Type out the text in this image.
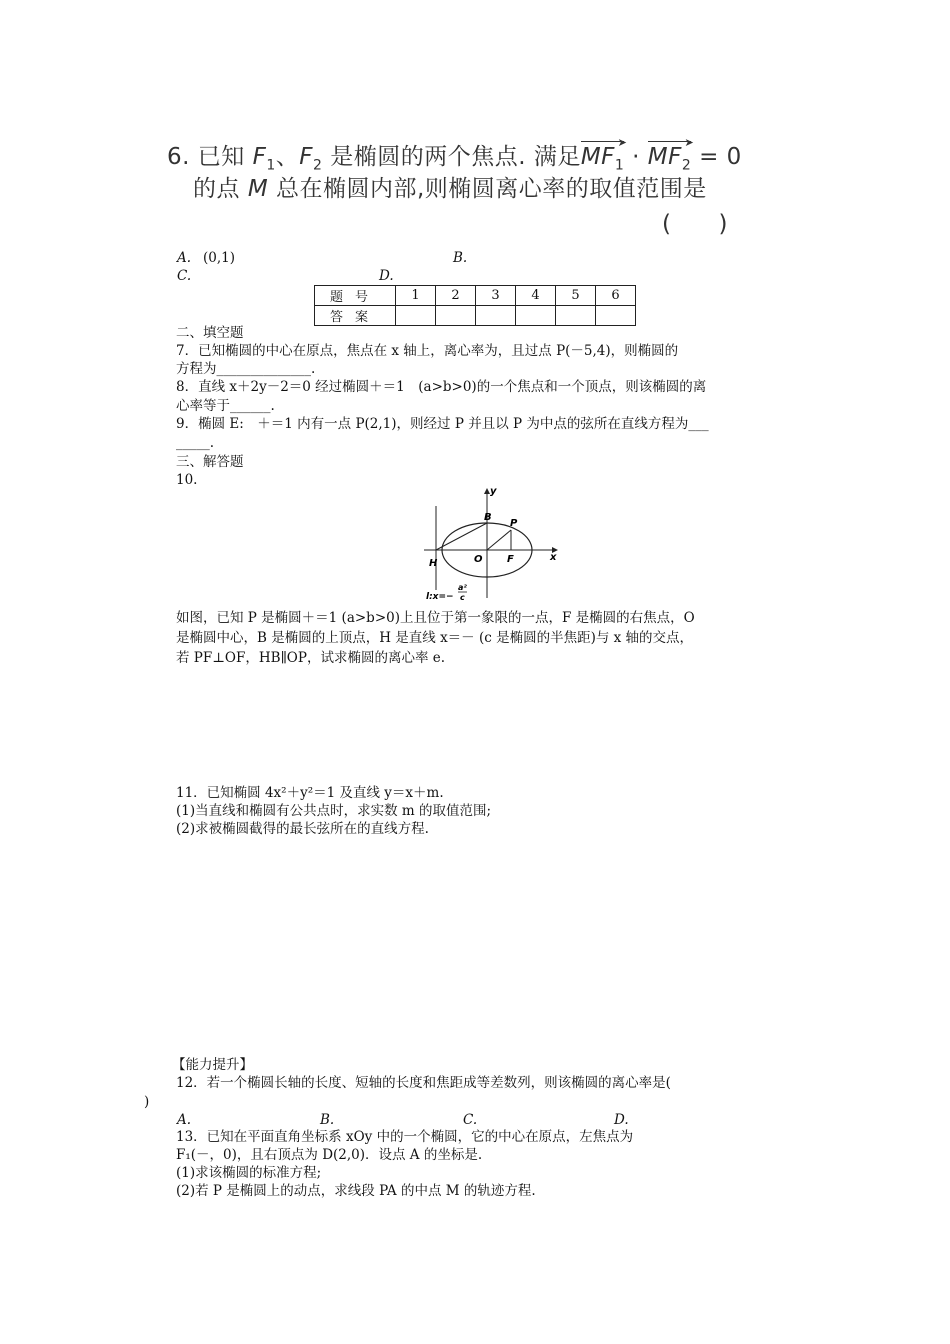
6. 已知 $F_1$、$F_2$ 是椭圆的两个焦点. 满足
➤
$MF_1$ ·
➤
$MF_2 = 0$
的点 M 总在椭圆内部,则椭圆离心率的取值范围是
(　　)
A. (0,1)	B.
C.	D.
题号	1	2	3	4	5	6
答案						
二、填空题
7．已知椭圆的中心在原点，焦点在 x 轴上，离心率为，且过点 P(－5,4)，则椭圆的
方程为______________.
8．直线 x＋2y－2＝0 经过椭圆＋＝1　(a>b>0)的一个焦点和一个顶点，则该椭圆的离
心率等于______.
9．椭圆 E:　＋＝1 内有一点 P(2,1)，则经过 P 并且以 P 为中点的弦所在直线方程为___
_____.
三、解答题
10.
y
x
B
P
O F
H
l:x=−
a²
c
如图，已知 P 是椭圆＋＝1 (a>b>0)上且位于第一象限的一点，F 是椭圆的右焦点，O
是椭圆中心，B 是椭圆的上顶点，H 是直线 x＝－ (c 是椭圆的半焦距)与 x 轴的交点，
若 PF⊥OF，HB∥OP，试求椭圆的离心率 e.
11．已知椭圆 4x²＋y²＝1 及直线 y＝x＋m.
(1)当直线和椭圆有公共点时，求实数 m 的取值范围;
(2)求被椭圆截得的最长弦所在的直线方程.
【能力提升】
12．若一个椭圆长轴的长度、短轴的长度和焦距成等差数列，则该椭圆的离心率是(
)
A.	B.	C.	D.
13．已知在平面直角坐标系 xOy 中的一个椭圆，它的中心在原点，左焦点为
F₁(－，0)，且右顶点为 D(2,0)．设点 A 的坐标是.
(1)求该椭圆的标准方程;
(2)若 P 是椭圆上的动点，求线段 PA 的中点 M 的轨迹方程.
